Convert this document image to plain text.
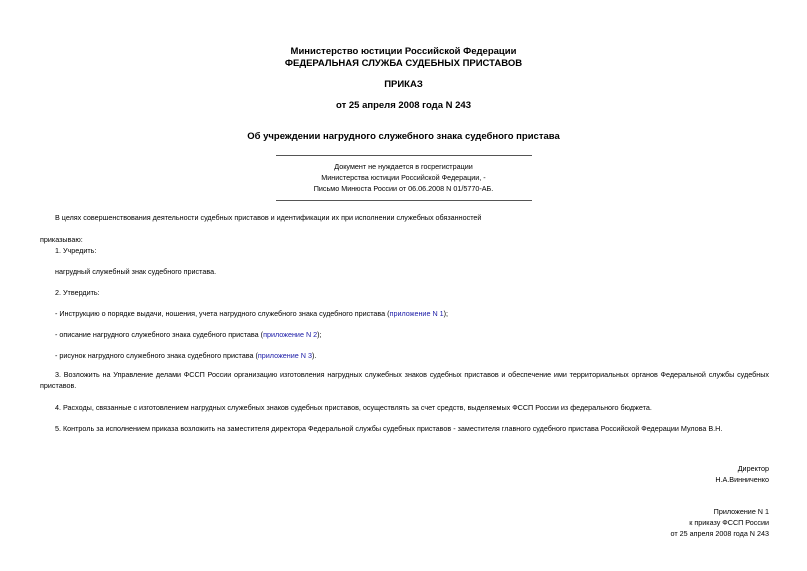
Министерство юстиции Российской Федерации
ФЕДЕРАЛЬНАЯ СЛУЖБА СУДЕБНЫХ ПРИСТАВОВ
ПРИКАЗ
от 25 апреля 2008 года N 243
Об учреждении нагрудного служебного знака судебного пристава
Документ не нуждается в госрегистрации
Министерства юстиции Российской Федерации, -
Письмо Минюста России от 06.06.2008 N 01/5770-АБ.
В целях совершенствования деятельности судебных приставов и идентификации их при исполнении служебных обязанностей
приказываю:
1. Учредить:
нагрудный служебный знак судебного пристава.
2. Утвердить:
- Инструкцию о порядке выдачи, ношения, учета нагрудного служебного знака судебного пристава (приложение N 1);
- описание нагрудного служебного знака судебного пристава (приложение N 2);
- рисунок нагрудного служебного знака судебного пристава (приложение N 3).
3. Возложить на Управление делами ФССП России организацию изготовления нагрудных служебных знаков судебных приставов и обеспечение ими территориальных органов Федеральной службы судебных приставов.
4. Расходы, связанные с изготовлением нагрудных служебных знаков судебных приставов, осуществлять за счет средств, выделяемых ФССП России из федерального бюджета.
5. Контроль за исполнением приказа возложить на заместителя директора Федеральной службы судебных приставов - заместителя главного судебного пристава Российской Федерации Мулова В.Н.
Директор
Н.А.Винниченко
Приложение N 1
к приказу ФССП России
от 25 апреля 2008 года N 243
